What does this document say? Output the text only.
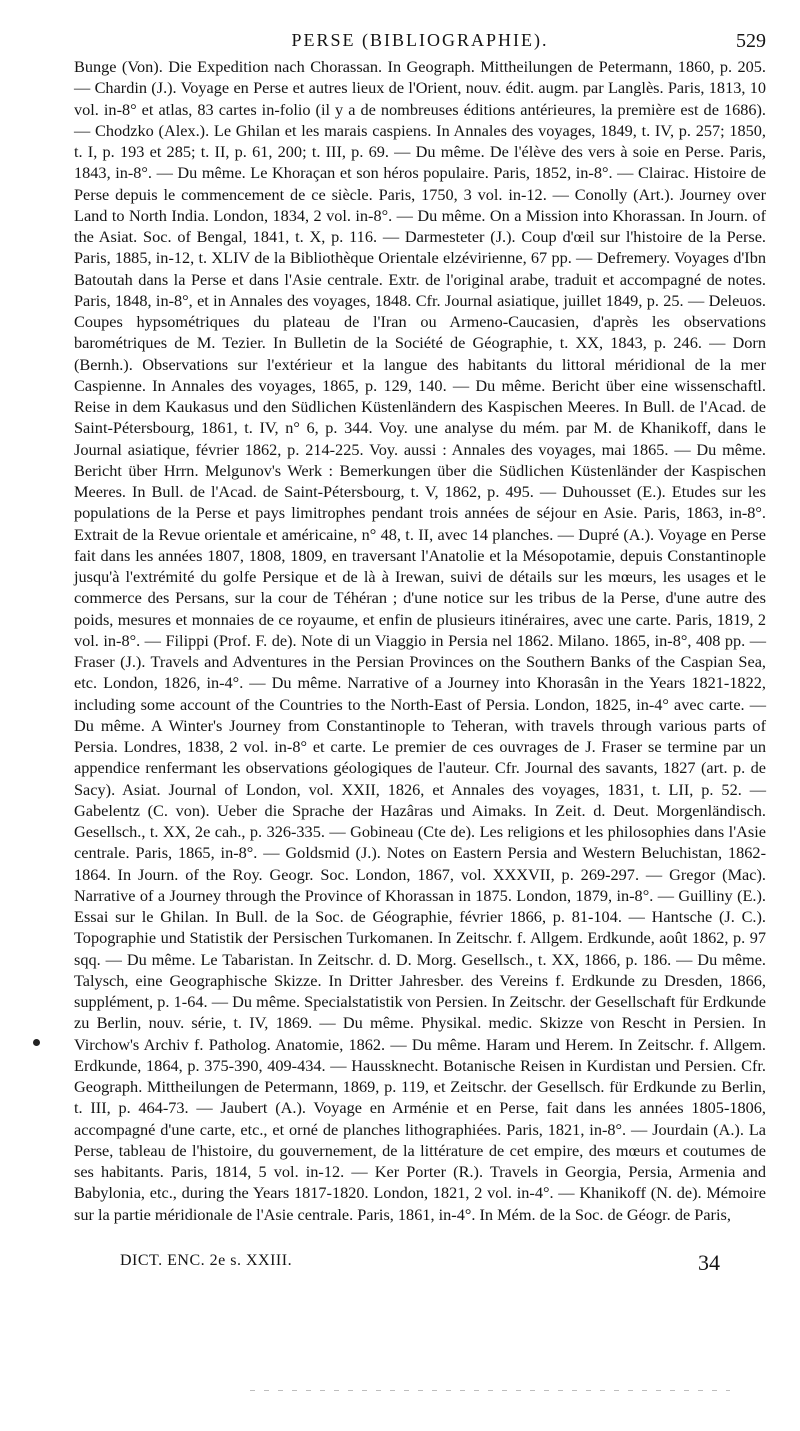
PERSE (BIBLIOGRAPHIE).	529
Bunge (Von). Die Expedition nach Chorassan. In Geograph. Mittheilungen de Petermann, 1860, p. 205. — Chardin (J.). Voyage en Perse et autres lieux de l'Orient, nouv. édit. augm. par Langlès. Paris, 1813, 10 vol. in-8° et atlas, 83 cartes in-folio (il y a de nombreuses éditions antérieures, la première est de 1686). — Chodzko (Alex.). Le Ghilan et les marais caspiens. In Annales des voyages, 1849, t. IV, p. 257; 1850, t. I, p. 193 et 285; t. II, p. 61, 200; t. III, p. 69. — Du même. De l'élève des vers à soie en Perse. Paris, 1843, in-8°. — Du même. Le Khoraçan et son héros populaire. Paris, 1852, in-8°. — Clairac. Histoire de Perse depuis le commencement de ce siècle. Paris, 1750, 3 vol. in-12. — Conolly (Art.). Journey over Land to North India. London, 1834, 2 vol. in-8°. — Du même. On a Mission into Khorassan. In Journ. of the Asiat. Soc. of Bengal, 1841, t. X, p. 116. — Darmesteter (J.). Coup d'œil sur l'histoire de la Perse. Paris, 1885, in-12, t. XLIV de la Bibliothèque Orientale elzévirienne, 67 pp. — Defremery. Voyages d'Ibn Batoutah dans la Perse et dans l'Asie centrale. Extr. de l'original arabe, traduit et accompagné de notes. Paris, 1848, in-8°, et in Annales des voyages, 1848. Cfr. Journal asiatique, juillet 1849, p. 25. — Deleuos. Coupes hypsométriques du plateau de l'Iran ou Armeno-Caucasien, d'après les observations barométriques de M. Tezier. In Bulletin de la Société de Géographie, t. XX, 1843, p. 246. — Dorn (Bernh.). Observations sur l'extérieur et la langue des habitants du littoral méridional de la mer Caspienne. In Annales des voyages, 1865, p. 129, 140. — Du même. Bericht über eine wissenschaftl. Reise in dem Kaukasus und den Südlichen Küstenländern des Kaspischen Meeres. In Bull. de l'Acad. de Saint-Pétersbourg, 1861, t. IV, n° 6, p. 344. Voy. une analyse du mém. par M. de Khanikoff, dans le Journal asiatique, février 1862, p. 214-225. Voy. aussi : Annales des voyages, mai 1865. — Du même. Bericht über Hrrn. Melgunov's Werk : Bemerkungen über die Südlichen Küstenländer der Kaspischen Meeres. In Bull. de l'Acad. de Saint-Pétersbourg, t. V, 1862, p. 495. — Duhousset (E.). Etudes sur les populations de la Perse et pays limitrophes pendant trois années de séjour en Asie. Paris, 1863, in-8°. Extrait de la Revue orientale et américaine, n° 48, t. II, avec 14 planches. — Dupré (A.). Voyage en Perse fait dans les années 1807, 1808, 1809, en traversant l'Anatolie et la Mésopotamie, depuis Constantinople jusqu'à l'extrémité du golfe Persique et de là à Irewan, suivi de détails sur les mœurs, les usages et le commerce des Persans, sur la cour de Téhéran ; d'une notice sur les tribus de la Perse, d'une autre des poids, mesures et monnaies de ce royaume, et enfin de plusieurs itinéraires, avec une carte. Paris, 1819, 2 vol. in-8°. — Filippi (Prof. F. de). Note di un Viaggio in Persia nel 1862. Milano. 1865, in-8°, 408 pp. — Fraser (J.). Travels and Adventures in the Persian Provinces on the Southern Banks of the Caspian Sea, etc. London, 1826, in-4°. — Du même. Narrative of a Journey into Khorasân in the Years 1821-1822, including some account of the Countries to the North-East of Persia. London, 1825, in-4° avec carte. — Du même. A Winter's Journey from Constantinople to Teheran, with travels through various parts of Persia. Londres, 1838, 2 vol. in-8° et carte. Le premier de ces ouvrages de J. Fraser se termine par un appendice renfermant les observations géologiques de l'auteur. Cfr. Journal des savants, 1827 (art. p. de Sacy). Asiat. Journal of London, vol. XXII, 1826, et Annales des voyages, 1831, t. LII, p. 52. — Gabelentz (C. von). Ueber die Sprache der Hazâras und Aimaks. In Zeit. d. Deut. Morgenländisch. Gesellsch., t. XX, 2e cah., p. 326-335. — Gobineau (Cte de). Les religions et les philosophies dans l'Asie centrale. Paris, 1865, in-8°. — Goldsmid (J.). Notes on Eastern Persia and Western Beluchistan, 1862-1864. In Journ. of the Roy. Geogr. Soc. London, 1867, vol. XXXVII, p. 269-297. — Gregor (Mac). Narrative of a Journey through the Province of Khorassan in 1875. London, 1879, in-8°. — Guilliny (E.). Essai sur le Ghilan. In Bull. de la Soc. de Géographie, février 1866, p. 81-104. — Hantsche (J. C.). Topographie und Statistik der Persischen Turkomanen. In Zeitschr. f. Allgem. Erdkunde, août 1862, p. 97 sqq. — Du même. Le Tabaristan. In Zeitschr. d. D. Morg. Gesellsch., t. XX, 1866, p. 186. — Du même. Talysch, eine Geographische Skizze. In Dritter Jahresber. des Vereins f. Erdkunde zu Dresden, 1866, supplément, p. 1-64. — Du même. Specialstatistik von Persien. In Zeitschr. der Gesellschaft für Erdkunde zu Berlin, nouv. série, t. IV, 1869. — Du même. Physikal. medic. Skizze von Rescht in Persien. In Virchow's Archiv f. Patholog. Anatomie, 1862. — Du même. Haram und Herem. In Zeitschr. f. Allgem. Erdkunde, 1864, p. 375-390, 409-434. — Haussknecht. Botanische Reisen in Kurdistan und Persien. Cfr. Geograph. Mittheilungen de Petermann, 1869, p. 119, et Zeitschr. der Gesellsch. für Erdkunde zu Berlin, t. III, p. 464-73. — Jaubert (A.). Voyage en Arménie et en Perse, fait dans les années 1805-1806, accompagné d'une carte, etc., et orné de planches lithographiées. Paris, 1821, in-8°. — Jourdain (A.). La Perse, tableau de l'histoire, du gouvernement, de la littérature de cet empire, des mœurs et coutumes de ses habitants. Paris, 1814, 5 vol. in-12. — Ker Porter (R.). Travels in Georgia, Persia, Armenia and Babylonia, etc., during the Years 1817-1820. London, 1821, 2 vol. in-4°. — Khanikoff (N. de). Mémoire sur la partie méridionale de l'Asie centrale. Paris, 1861, in-4°. In Mém. de la Soc. de Géogr. de Paris,
DICT. ENC. 2e s. XXIII.	34
